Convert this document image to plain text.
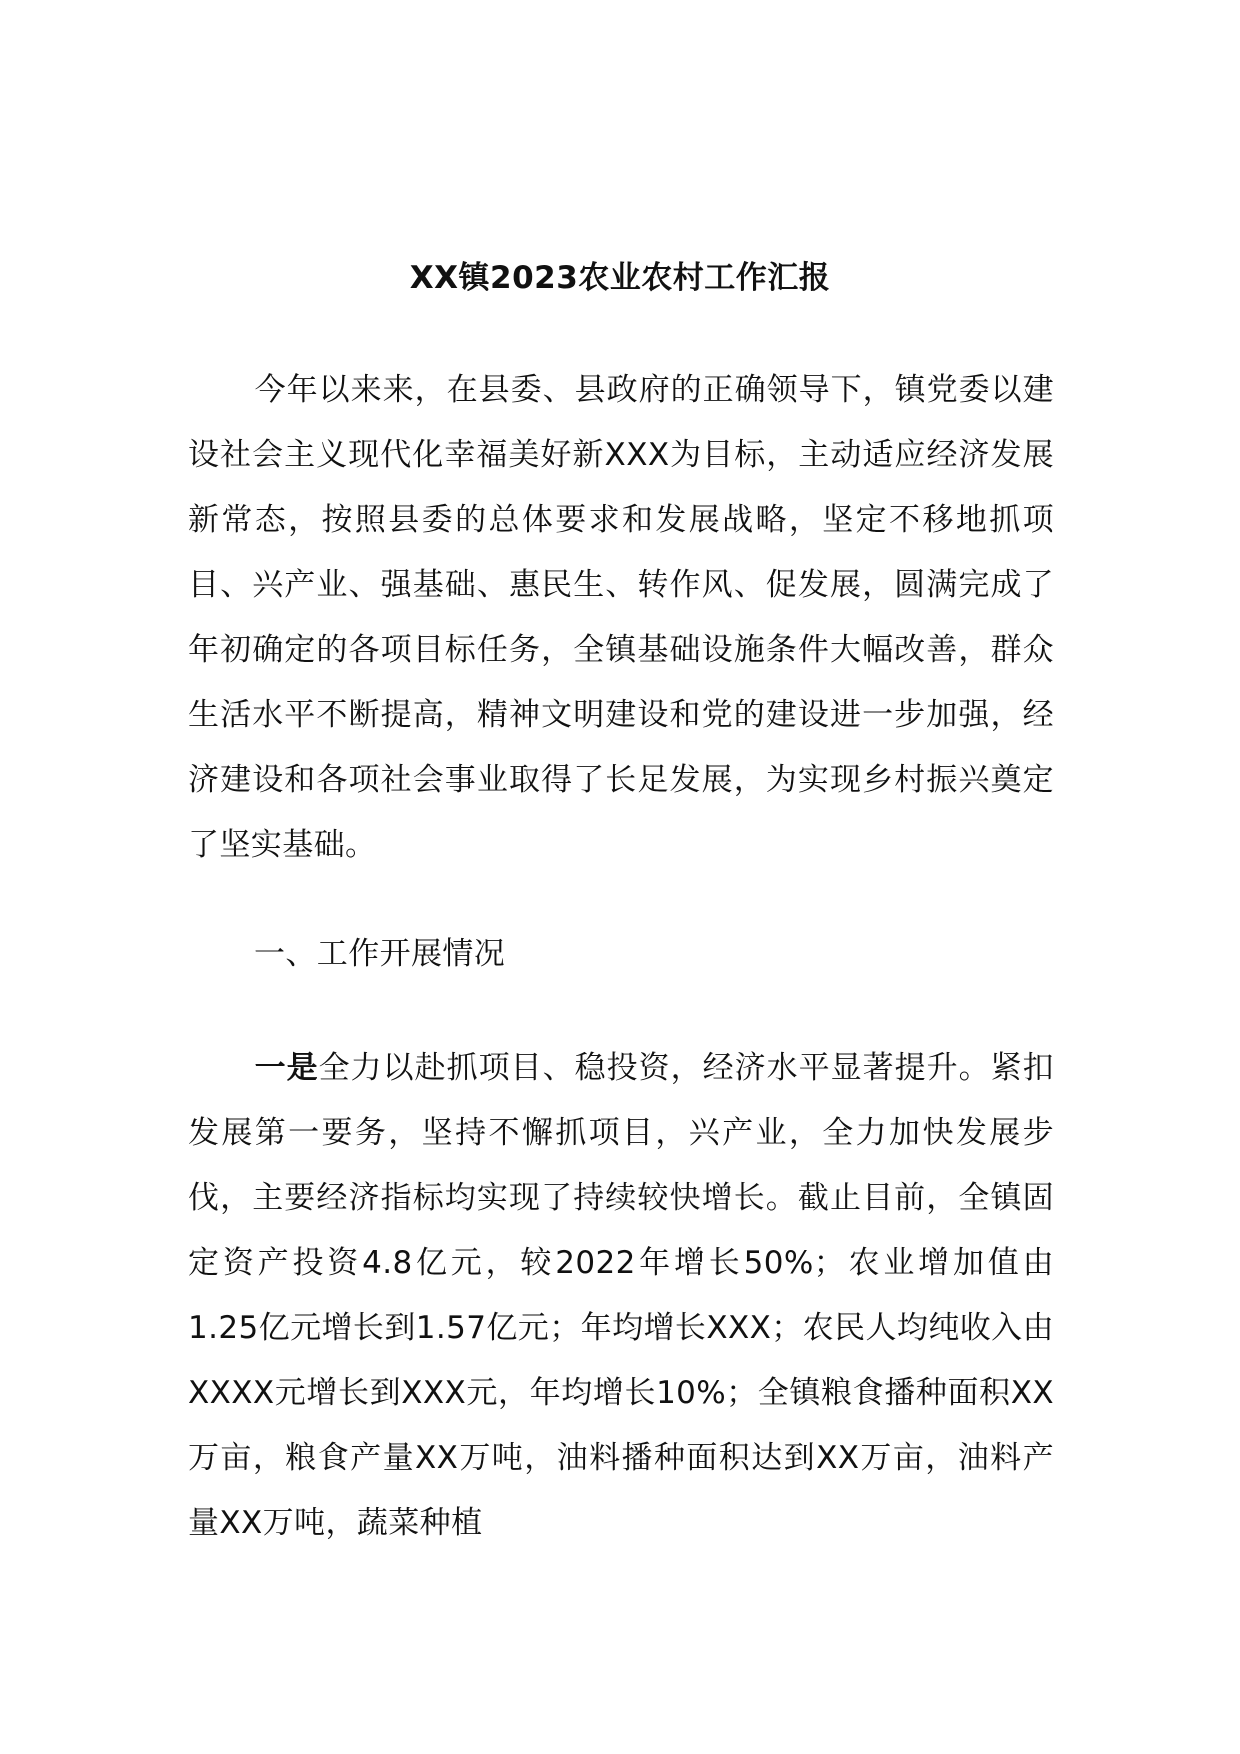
XX镇2023农业农村工作汇报

今年以来来，在县委、县政府的正确领导下，镇党委以建设社会主义现代化幸福美好新XXX为目标，主动适应经济发展新常态，按照县委的总体要求和发展战略，坚定不移地抓项目、兴产业、强基础、惠民生、转作风、促发展，圆满完成了年初确定的各项目标任务，全镇基础设施条件大幅改善，群众生活水平不断提高，精神文明建设和党的建设进一步加强，经济建设和各项社会事业取得了长足发展，为实现乡村振兴奠定了坚实基础。

一、工作开展情况

一是全力以赴抓项目、稳投资，经济水平显著提升。紧扣发展第一要务，坚持不懈抓项目，兴产业，全力加快发展步伐，主要经济指标均实现了持续较快增长。截止目前，全镇固定资产投资4.8亿元，较2022年增长50%；农业增加值由1.25亿元增长到1.57亿元；年均增长XXX；农民人均纯收入由XXXX元增长到XXX元，年均增长10%；全镇粮食播种面积XX万亩，粮食产量XX万吨，油料播种面积达到XX万亩，油料产量XX万吨，蔬菜种植
